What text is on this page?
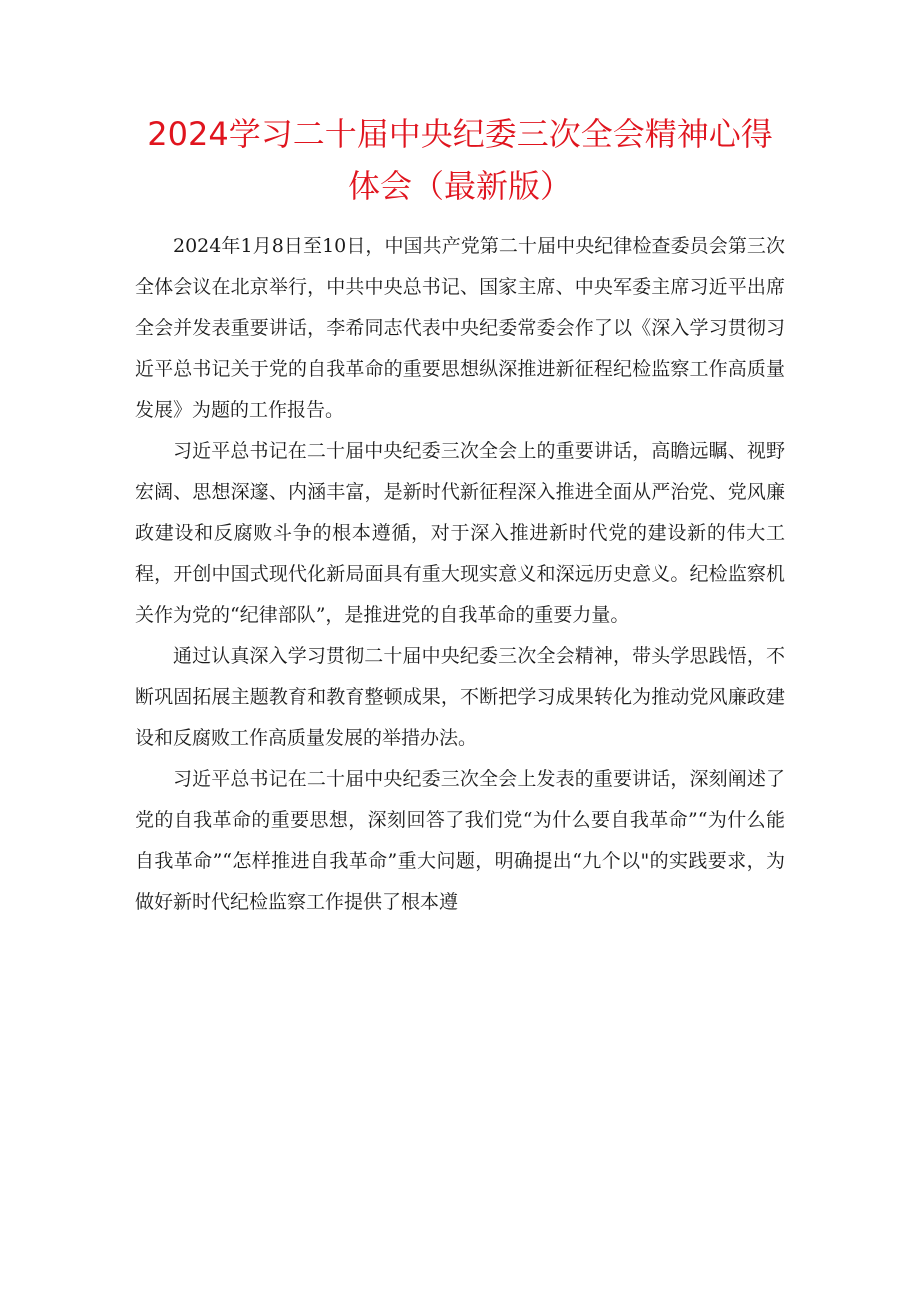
2024学习二十届中央纪委三次全会精神心得
体会（最新版）

2024年1月8日至10日，中国共产党第二十届中央纪律检查委员会第三次全体会议在北京举行，中共中央总书记、国家主席、中央军委主席习近平出席全会并发表重要讲话，李希同志代表中央纪委常委会作了以《深入学习贯彻习近平总书记关于党的自我革命的重要思想纵深推进新征程纪检监察工作高质量发展》为题的工作报告。

习近平总书记在二十届中央纪委三次全会上的重要讲话，高瞻远瞩、视野宏阔、思想深邃、内涵丰富，是新时代新征程深入推进全面从严治党、党风廉政建设和反腐败斗争的根本遵循，对于深入推进新时代党的建设新的伟大工程，开创中国式现代化新局面具有重大现实意义和深远历史意义。纪检监察机关作为党的“纪律部队”，是推进党的自我革命的重要力量。

通过认真深入学习贯彻二十届中央纪委三次全会精神，带头学思践悟，不断巩固拓展主题教育和教育整顿成果，不断把学习成果转化为推动党风廉政建设和反腐败工作高质量发展的举措办法。

习近平总书记在二十届中央纪委三次全会上发表的重要讲话，深刻阐述了党的自我革命的重要思想，深刻回答了我们党“为什么要自我革命”“为什么能自我革命”“怎样推进自我革命”重大问题，明确提出“九个以"的实践要求，为做好新时代纪检监察工作提供了根本遵
